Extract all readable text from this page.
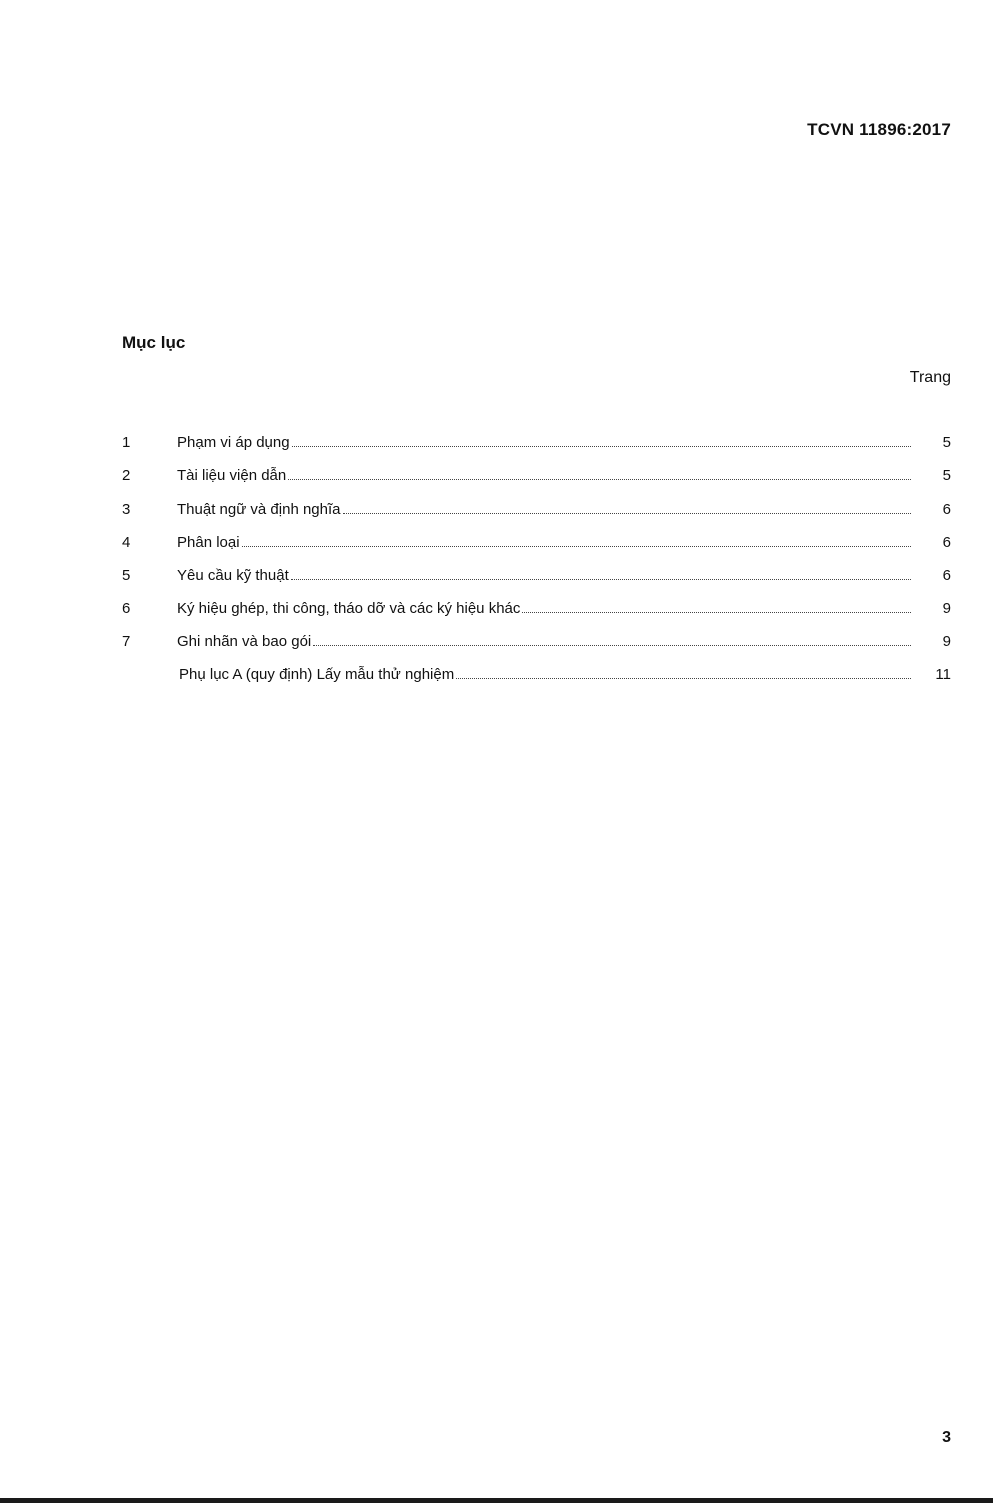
TCVN 11896:2017
Mục lục
Trang
1	Phạm vi áp dụng	5
2	Tài liệu viện dẫn	5
3	Thuật ngữ và định nghĩa	6
4	Phân loại	6
5	Yêu cầu kỹ thuật	6
6	Ký hiệu ghép, thi công, tháo dỡ và các ký hiệu khác	9
7	Ghi nhãn và bao gói	9
Phụ lục A (quy định) Lấy mẫu thử nghiệm	11
3
